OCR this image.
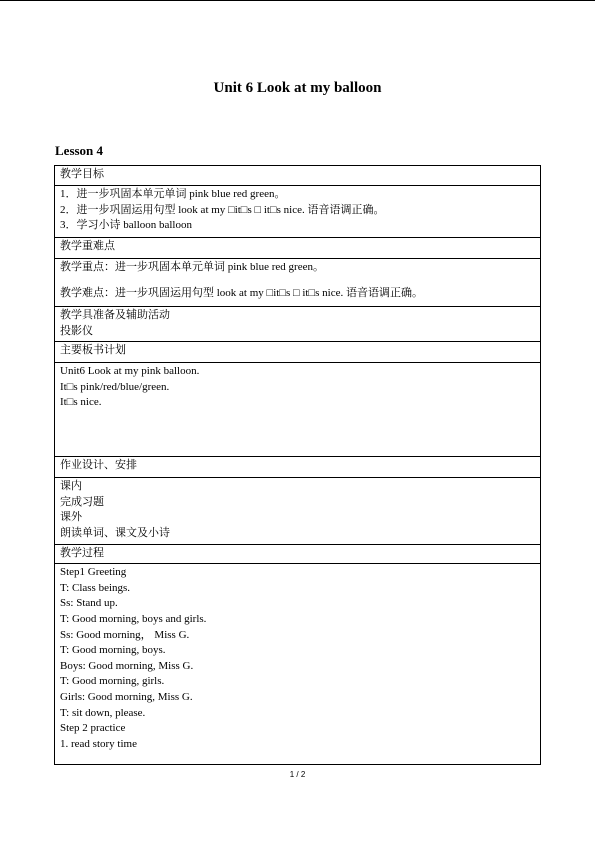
Unit 6 Look at my balloon
Lesson 4
教学目标

1．进一步巩固本单元单词 pink blue red green。
2．进一步巩固运用句型 look at my □it□s □ it□s nice. 语音语调正确。
3．学习小诗 balloon balloon

教学重难点

教学重点：进一步巩固本单元单词 pink blue red green。
教学难点：进一步巩固运用句型 look at my □it□s □ it□s nice. 语音语调正确。

教学具准备及辅助活动
投影仪

主要板书计划

Unit6 Look at my pink balloon.
It□s pink/red/blue/green.
It□s nice.

作业设计、安排

课内
完成习题
课外
朗读单词、课文及小诗

教学过程

Step1 Greeting
T: Class beings.
Ss: Stand up.
T: Good morning, boys and girls.
Ss: Good morning， Miss G.
T: Good morning, boys.
Boys: Good morning, Miss G.
T: Good morning, girls.
Girls: Good morning, Miss G.
T: sit down, please.
Step 2 practice
1. read story time
1 / 2
